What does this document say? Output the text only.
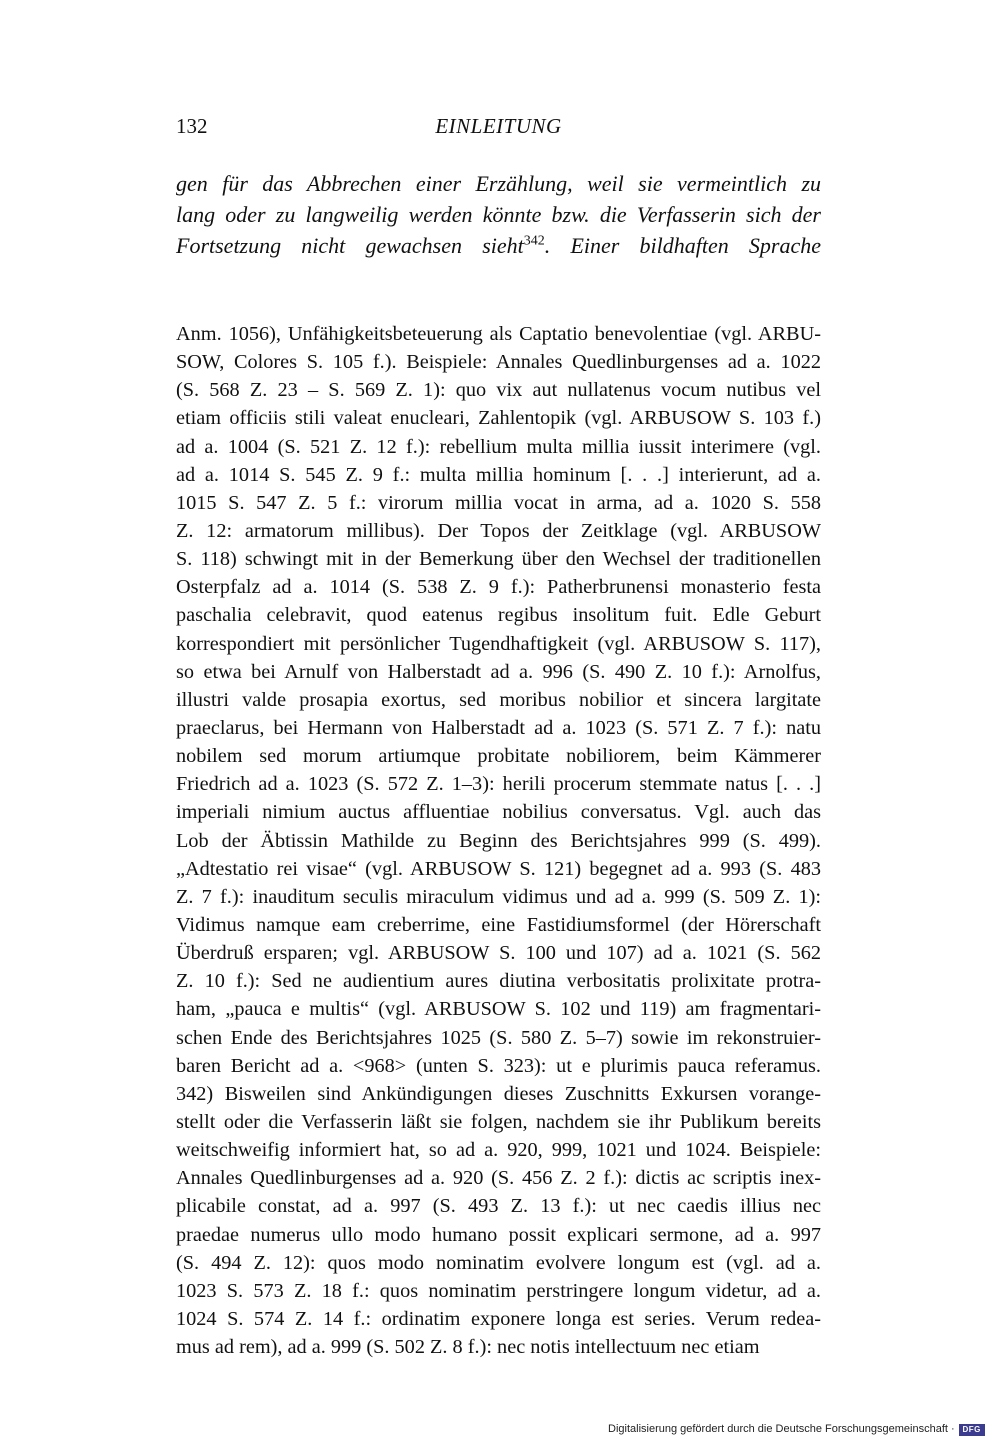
132	EINLEITUNG
gen für das Abbrechen einer Erzählung, weil sie vermeintlich zu
lang oder zu langweilig werden könnte bzw. die Verfasserin sich der
Fortsetzung nicht gewachsen sieht$^{342}$. Einer bildhaften Sprache
Anm. 1056), Unfähigkeitsbeteuerung als Captatio benevolentiae (vgl. ARBU-
SOW, Colores S. 105 f.). Beispiele: Annales Quedlinburgenses ad a. 1022
(S. 568 Z. 23 – S. 569 Z. 1): quo vix aut nullatenus vocum nutibus vel
etiam officiis stili valeat enucleari, Zahlentopik (vgl. ARBUSOW S. 103 f.)
ad a. 1004 (S. 521 Z. 12 f.): rebellium multa millia iussit interimere (vgl.
ad a. 1014 S. 545 Z. 9 f.: multa millia hominum [. . .] interierunt, ad a.
1015 S. 547 Z. 5 f.: virorum millia vocat in arma, ad a. 1020 S. 558
Z. 12: armatorum millibus). Der Topos der Zeitklage (vgl. ARBUSOW
S. 118) schwingt mit in der Bemerkung über den Wechsel der traditionellen
Osterpfalz ad a. 1014 (S. 538 Z. 9 f.): Patherbrunensi monasterio festa
paschalia celebravit, quod eatenus regibus insolitum fuit. Edle Geburt
korrespondiert mit persönlicher Tugendhaftigkeit (vgl. ARBUSOW S. 117),
so etwa bei Arnulf von Halberstadt ad a. 996 (S. 490 Z. 10 f.): Arnolfus,
illustri valde prosapia exortus, sed moribus nobilior et sincera largitate
praeclarus, bei Hermann von Halberstadt ad a. 1023 (S. 571 Z. 7 f.): natu
nobilem sed morum artiumque probitate nobiliorem, beim Kämmerer
Friedrich ad a. 1023 (S. 572 Z. 1–3): herili procerum stemmate natus [. . .]
imperiali nimium auctus affluentiae nobilius conversatus. Vgl. auch das
Lob der Äbtissin Mathilde zu Beginn des Berichtsjahres 999 (S. 499).
„Adtestatio rei visae“ (vgl. ARBUSOW S. 121) begegnet ad a. 993 (S. 483
Z. 7 f.): inauditum seculis miraculum vidimus und ad a. 999 (S. 509 Z. 1):
Vidimus namque eam creberrime, eine Fastidiumsformel (der Hörerschaft
Überdruß ersparen; vgl. ARBUSOW S. 100 und 107) ad a. 1021 (S. 562
Z. 10 f.): Sed ne audientium aures diutina verbositatis prolixitate protra-
ham, „pauca e multis“ (vgl. ARBUSOW S. 102 und 119) am fragmentari-
schen Ende des Berichtsjahres 1025 (S. 580 Z. 5–7) sowie im rekonstruier-
baren Bericht ad a. <968> (unten S. 323): ut e plurimis pauca referamus.
342) Bisweilen sind Ankündigungen dieses Zuschnitts Exkursen vorange-
stellt oder die Verfasserin läßt sie folgen, nachdem sie ihr Publikum bereits
weitschweifig informiert hat, so ad a. 920, 999, 1021 und 1024. Beispiele:
Annales Quedlinburgenses ad a. 920 (S. 456 Z. 2 f.): dictis ac scriptis inex-
plicabile constat, ad a. 997 (S. 493 Z. 13 f.): ut nec caedis illius nec
praedae numerus ullo modo humano possit explicari sermone, ad a. 997
(S. 494 Z. 12): quos modo nominatim evolvere longum est (vgl. ad a.
1023 S. 573 Z. 18 f.: quos nominatim perstringere longum videtur, ad a.
1024 S. 574 Z. 14 f.: ordinatim exponere longa est series. Verum redea-
mus ad rem), ad a. 999 (S. 502 Z. 8 f.): nec notis intellectuum nec etiam
Digitalisierung gefördert durch die Deutsche Forschungsgemeinschaft · DFG
